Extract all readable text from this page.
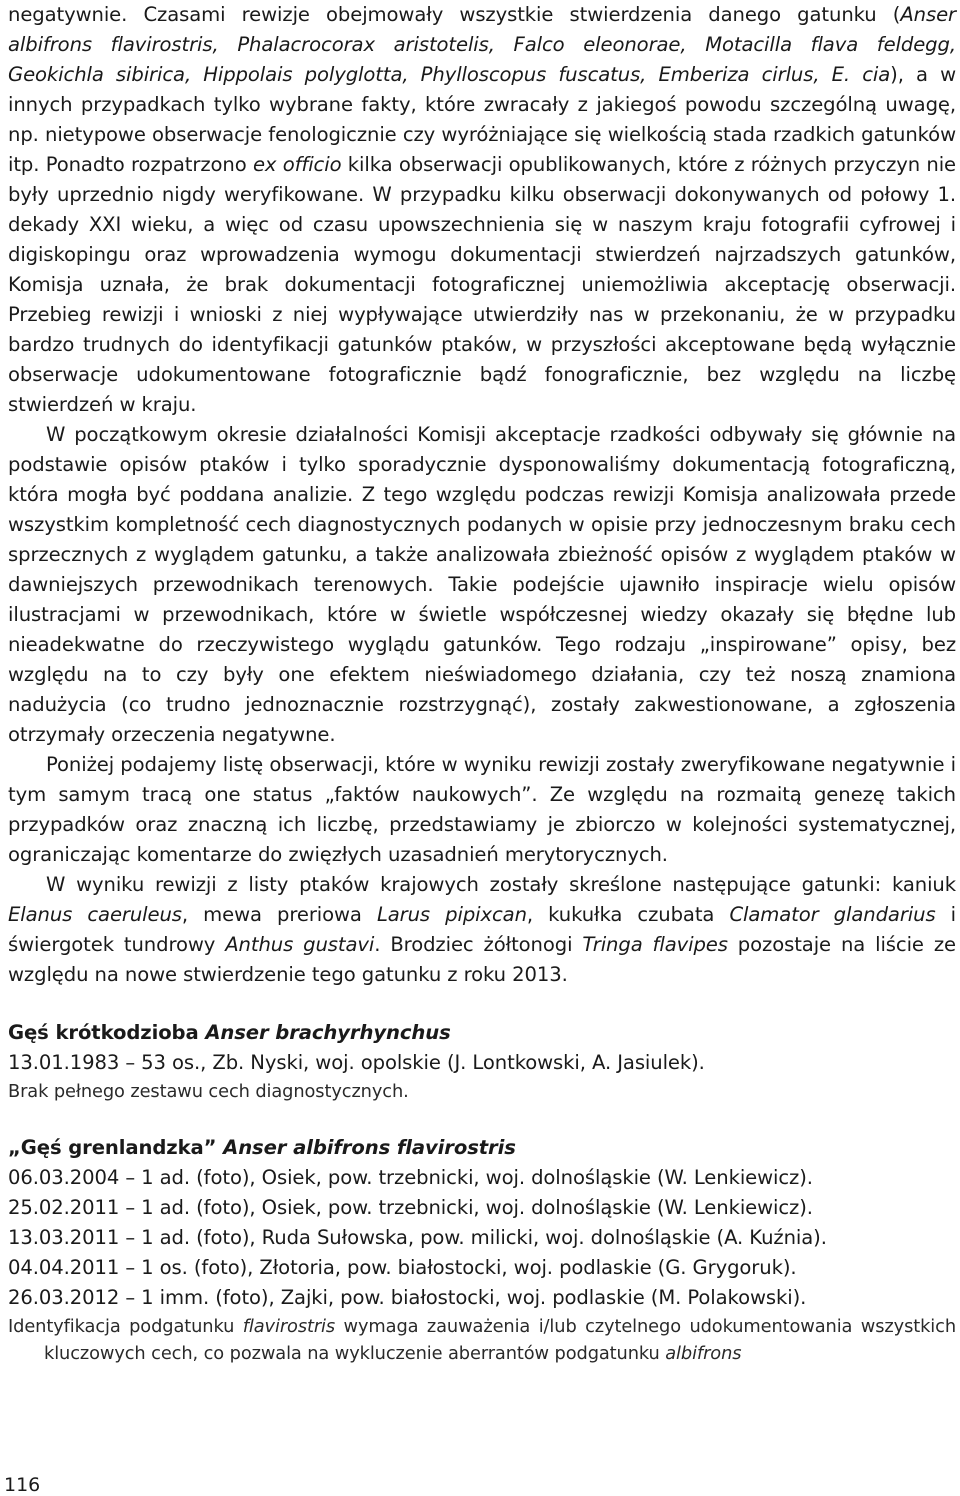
negatywnie. Czasami rewizje obejmowały wszystkie stwierdzenia danego gatunku (Anser albifrons flavirostris, Phalacrocorax aristotelis, Falco eleonorae, Motacilla flava feldegg, Geokichla sibirica, Hippolais polyglotta, Phylloscopus fuscatus, Emberiza cirlus, E. cia), a w innych przypadkach tylko wybrane fakty, które zwracały z jakiegoś powodu szczególną uwagę, np. nietypowe obserwacje fenologicznie czy wyróżniające się wielkością stada rzadkich gatunków itp. Ponadto rozpatrzono ex officio kilka obserwacji opublikowanych, które z różnych przyczyn nie były uprzednio nigdy weryfikowane. W przypadku kilku obserwacji dokonywanych od połowy 1. dekady XXI wieku, a więc od czasu upowszechnienia się w naszym kraju fotografii cyfrowej i digiskopingu oraz wprowadzenia wymogu dokumentacji stwierdzeń najrzadszych gatunków, Komisja uznała, że brak dokumentacji fotograficznej uniemożliwia akceptację obserwacji. Przebieg rewizji i wnioski z niej wypływające utwierdziły nas w przekonaniu, że w przypadku bardzo trudnych do identyfikacji gatunków ptaków, w przyszłości akceptowane będą wyłącznie obserwacje udokumentowane fotograficznie bądź fonograficznie, bez względu na liczbę stwierdzeń w kraju.

W początkowym okresie działalności Komisji akceptacje rzadkości odbywały się głównie na podstawie opisów ptaków i tylko sporadycznie dysponowaliśmy dokumentacją fotograficzną, która mogła być poddana analizie. Z tego względu podczas rewizji Komisja analizowała przede wszystkim kompletność cech diagnostycznych podanych w opisie przy jednoczesnym braku cech sprzecznych z wyglądem gatunku, a także analizowała zbieżność opisów z wyglądem ptaków w dawniejszych przewodnikach terenowych. Takie podejście ujawniło inspiracje wielu opisów ilustracjami w przewodnikach, które w świetle współczesnej wiedzy okazały się błędne lub nieadekwatne do rzeczywistego wyglądu gatunków. Tego rodzaju „inspirowane” opisy, bez względu na to czy były one efektem nieświadomego działania, czy też noszą znamiona nadużycia (co trudno jednoznacznie rozstrzygnąć), zostały zakwestionowane, a zgłoszenia otrzymały orzeczenia negatywne.

Poniżej podajemy listę obserwacji, które w wyniku rewizji zostały zweryfikowane negatywnie i tym samym tracą one status „faktów naukowych”. Ze względu na rozmaitą genezę takich przypadków oraz znaczną ich liczbę, przedstawiamy je zbiorczo w kolejności systematycznej, ograniczając komentarze do zwięzłych uzasadnień merytorycznych.

W wyniku rewizji z listy ptaków krajowych zostały skreślone następujące gatunki: kaniuk Elanus caeruleus, mewa preriowa Larus pipixcan, kukułka czubata Clamator glandarius i świergotek tundrowy Anthus gustavi. Brodziec żółtonogi Tringa flavipes pozostaje na liście ze względu na nowe stwierdzenie tego gatunku z roku 2013.

Gęś krótkodzioba Anser brachyrhynchus

13.01.1983 – 53 os., Zb. Nyski, woj. opolskie (J. Lontkowski, A. Jasiulek).

Brak pełnego zestawu cech diagnostycznych.

„Gęś grenlandzka” Anser albifrons flavirostris

06.03.2004 – 1 ad. (foto), Osiek, pow. trzebnicki, woj. dolnośląskie (W. Lenkiewicz).

25.02.2011 – 1 ad. (foto), Osiek, pow. trzebnicki, woj. dolnośląskie (W. Lenkiewicz).

13.03.2011 – 1 ad. (foto), Ruda Sułowska, pow. milicki, woj. dolnośląskie (A. Kuźnia).

04.04.2011 – 1 os. (foto), Złotoria, pow. białostocki, woj. podlaskie (G. Grygoruk).

26.03.2012 – 1 imm. (foto), Zajki, pow. białostocki, woj. podlaskie (M. Polakowski).

Identyfikacja podgatunku flavirostris wymaga zauważenia i/lub czytelnego udokumentowania wszystkich kluczowych cech, co pozwala na wykluczenie aberrantów podgatunku albifrons

116
